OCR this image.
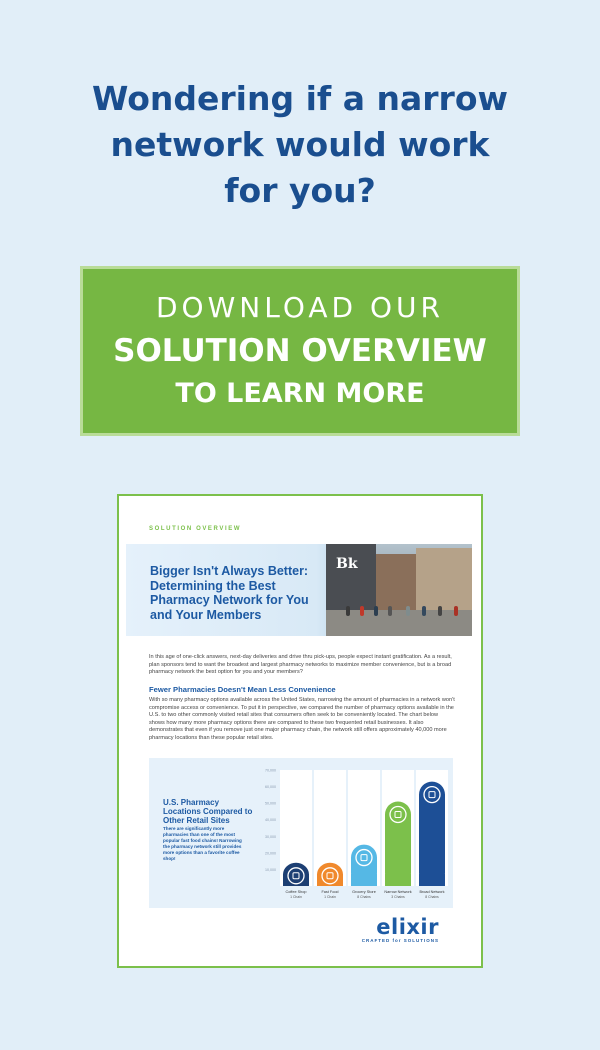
Wondering if a narrow
network would work
for you?
DOWNLOAD OUR
SOLUTION OVERVIEW
TO LEARN MORE
SOLUTION OVERVIEW
Bigger Isn't Always Better: Determining the Best Pharmacy Network for You and Your Members
Bk
In this age of one-click answers, next-day deliveries and drive thru pick-ups, people expect instant gratification. As a result, plan sponsors tend to want the broadest and largest pharmacy networks to maximize member convenience, but is a broad pharmacy network the best option for you and your members?
Fewer Pharmacies Doesn't Mean Less Convenience
With so many pharmacy options available across the United States, narrowing the amount of pharmacies in a network won't compromise access or convenience. To put it in perspective, we compared the number of pharmacy options available in the U.S. to two other commonly visited retail sites that consumers often seek to be conveniently located. The chart below shows how many more pharmacy options there are compared to these two frequented retail businesses. It also demonstrates that even if you remove just one major pharmacy chain, the network still offers approximately 40,000 more pharmacy locations than these popular retail sites.
U.S. Pharmacy Locations Compared to Other Retail Sites
There are significantly more pharmacies than one of the most popular fast food chains! Narrowing the pharmacy network still provides more options than a favorite coffee shop!
70,000
60,000
50,000
40,000
30,000
20,000
10,000
Coffee Shop
1 Chain
Fast Food
1 Chain
Grocery Store
8 Chains
Narrow Network
3 Chains
Broad Network
8 Chains
elixir
CRAFTED for SOLUTIONS
